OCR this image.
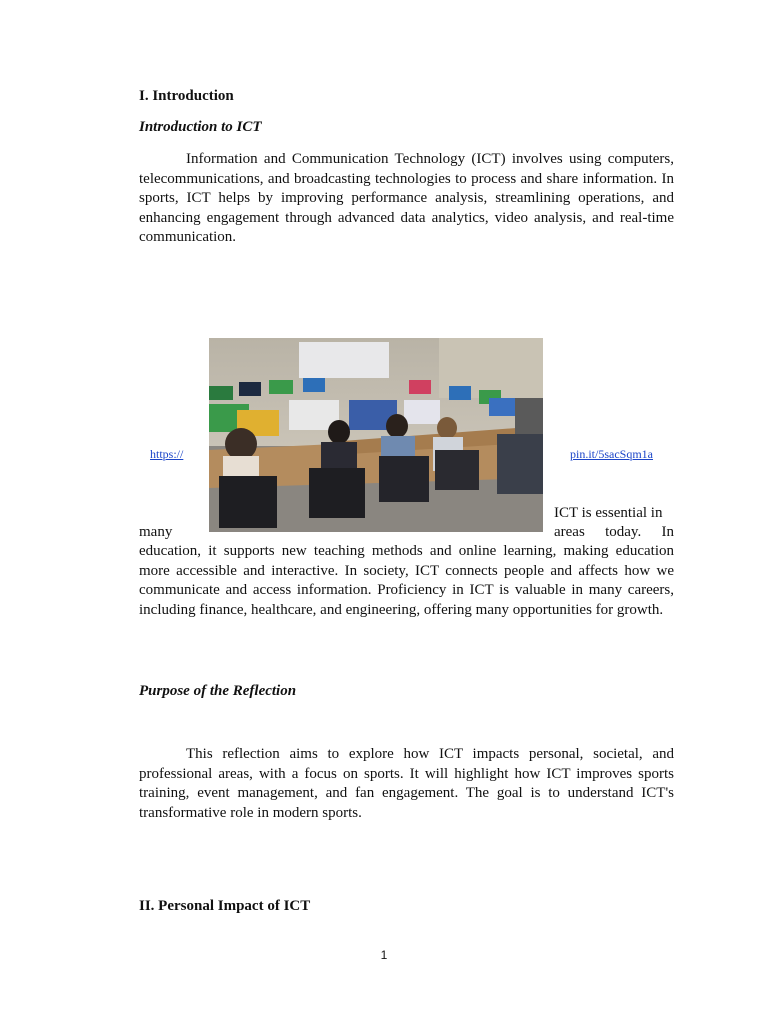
I. Introduction

Introduction to ICT

Information and Communication Technology (ICT) involves using computers, telecommunications, and broadcasting technologies to process and share information. In sports, ICT helps by improving performance analysis, streamlining operations, and enhancing engagement through advanced data analytics, video analysis, and real-time communication.

https://	pin.it/5sacSqm1a
ICT is essential in
many	areas today. In

education, it supports new teaching methods and online learning, making education more accessible and interactive. In society, ICT connects people and affects how we communicate and access information. Proficiency in ICT is valuable in many careers, including finance, healthcare, and engineering, offering many opportunities for growth.

Purpose of the Reflection

This reflection aims to explore how ICT impacts personal, societal, and professional areas, with a focus on sports. It will highlight how ICT improves sports training, event management, and fan engagement. The goal is to understand ICT's transformative role in modern sports.

II. Personal Impact of ICT

1
